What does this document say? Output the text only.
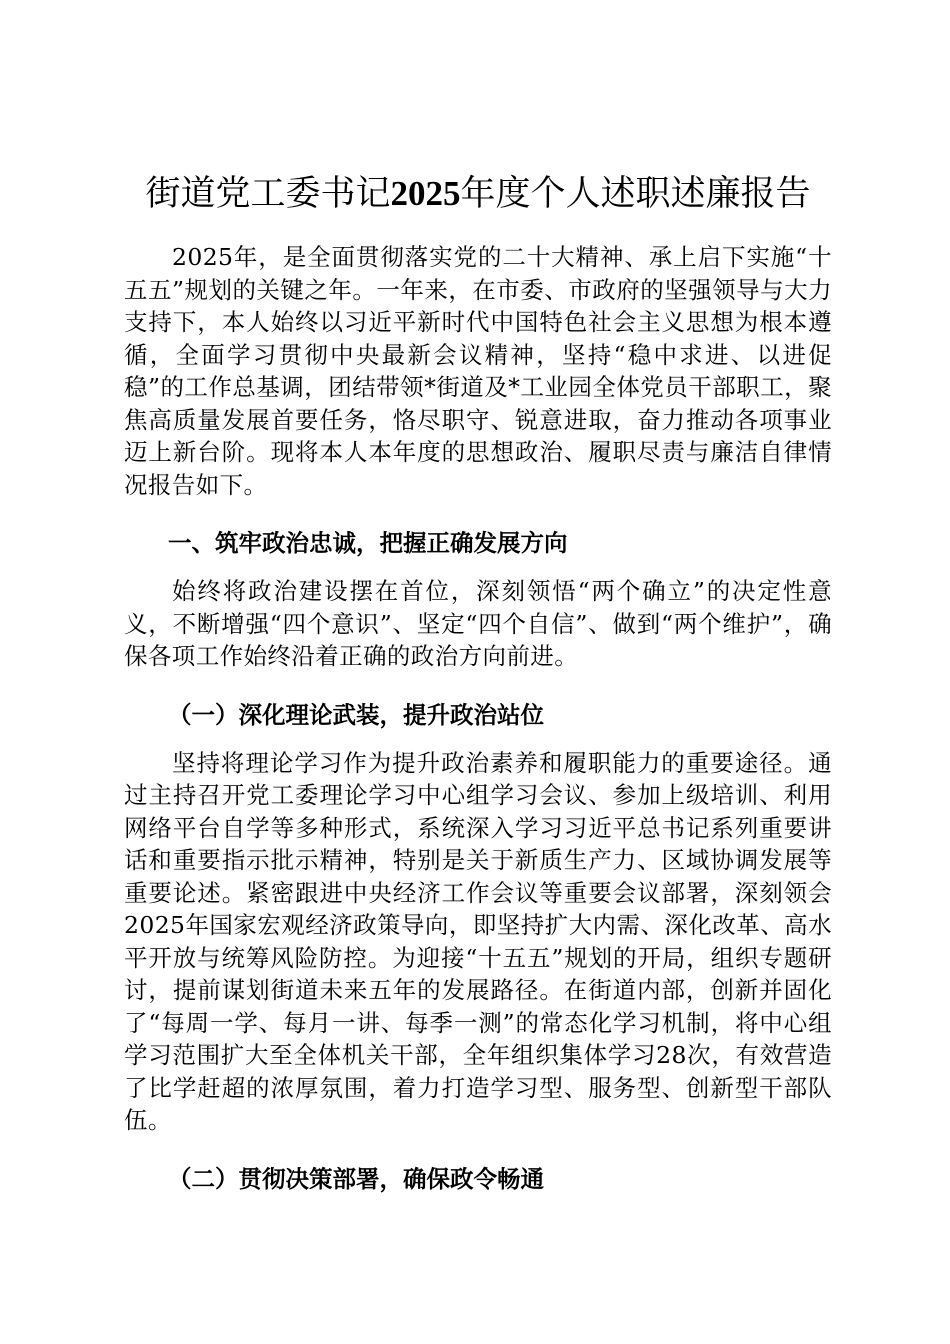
街道党工委书记2025年度个人述职述廉报告

2025年，是全面贯彻落实党的二十大精神、承上启下实施“十五五”规划的关键之年。一年来，在市委、市政府的坚强领导与大力支持下，本人始终以习近平新时代中国特色社会主义思想为根本遵循，全面学习贯彻中央最新会议精神，坚持“稳中求进、以进促稳”的工作总基调，团结带领*街道及*工业园全体党员干部职工，聚焦高质量发展首要任务，恪尽职守、锐意进取，奋力推动各项事业迈上新台阶。现将本人本年度的思想政治、履职尽责与廉洁自律情况报告如下。

一、筑牢政治忠诚，把握正确发展方向

始终将政治建设摆在首位，深刻领悟“两个确立”的决定性意义，不断增强“四个意识”、坚定“四个自信”、做到“两个维护”，确保各项工作始终沿着正确的政治方向前进。

（一）深化理论武装，提升政治站位

坚持将理论学习作为提升政治素养和履职能力的重要途径。通过主持召开党工委理论学习中心组学习会议、参加上级培训、利用网络平台自学等多种形式，系统深入学习习近平总书记系列重要讲话和重要指示批示精神，特别是关于新质生产力、区域协调发展等重要论述。紧密跟进中央经济工作会议等重要会议部署，深刻领会2025年国家宏观经济政策导向，即坚持扩大内需、深化改革、高水平开放与统筹风险防控。为迎接“十五五”规划的开局，组织专题研讨，提前谋划街道未来五年的发展路径。在街道内部，创新并固化了“每周一学、每月一讲、每季一测”的常态化学习机制，将中心组学习范围扩大至全体机关干部，全年组织集体学习28次，有效营造了比学赶超的浓厚氛围，着力打造学习型、服务型、创新型干部队伍。

（二）贯彻决策部署，确保政令畅通
